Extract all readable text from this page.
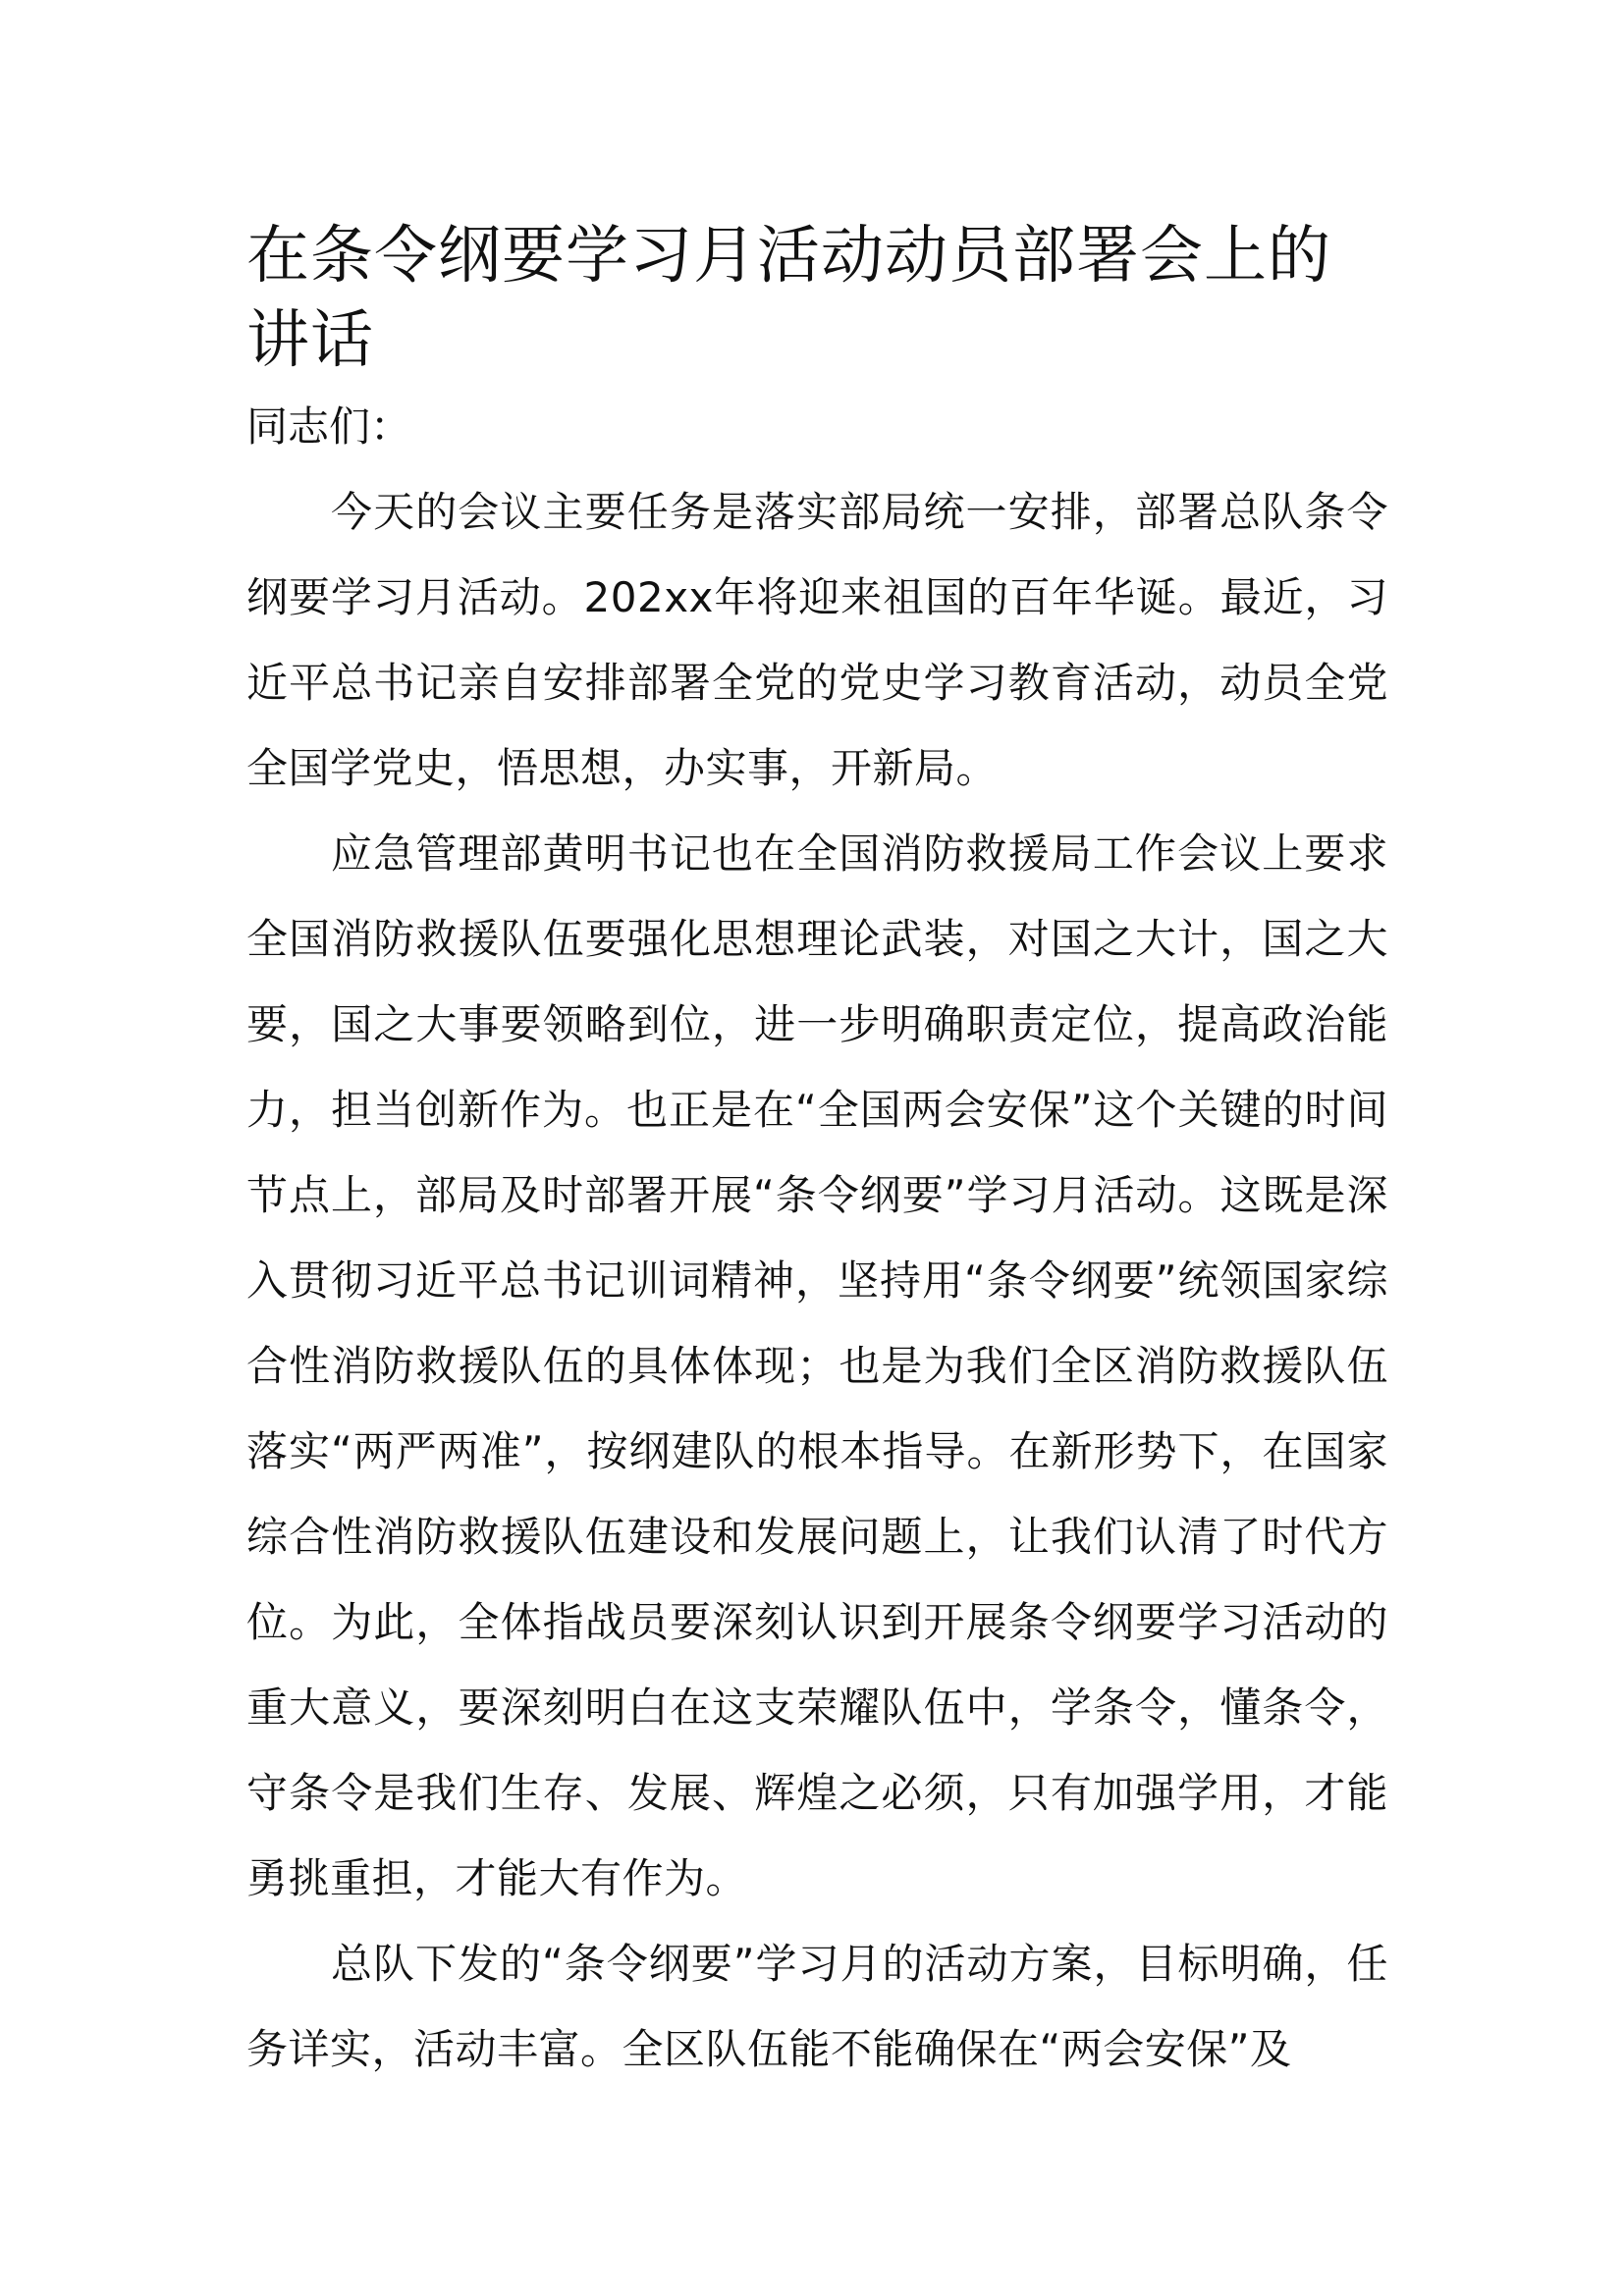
在条令纲要学习月活动动员部署会上的讲话

同志们：

今天的会议主要任务是落实部局统一安排，部署总队条令纲要学习月活动。202xx年将迎来祖国的百年华诞。最近，习近平总书记亲自安排部署全党的党史学习教育活动，动员全党全国学党史，悟思想，办实事，开新局。

应急管理部黄明书记也在全国消防救援局工作会议上要求全国消防救援队伍要强化思想理论武装，对国之大计，国之大要，国之大事要领略到位，进一步明确职责定位，提高政治能力，担当创新作为。也正是在“全国两会安保”这个关键的时间节点上，部局及时部署开展“条令纲要”学习月活动。这既是深入贯彻习近平总书记训词精神，坚持用“条令纲要”统领国家综合性消防救援队伍的具体体现；也是为我们全区消防救援队伍落实“两严两准”，按纲建队的根本指导。在新形势下，在国家综合性消防救援队伍建设和发展问题上，让我们认清了时代方位。为此，全体指战员要深刻认识到开展条令纲要学习活动的重大意义，要深刻明白在这支荣耀队伍中，学条令，懂条令，守条令是我们生存、发展、辉煌之必须，只有加强学用，才能勇挑重担，才能大有作为。

总队下发的“条令纲要”学习月的活动方案，目标明确，任务详实，活动丰富。全区队伍能不能确保在“两会安保”及
